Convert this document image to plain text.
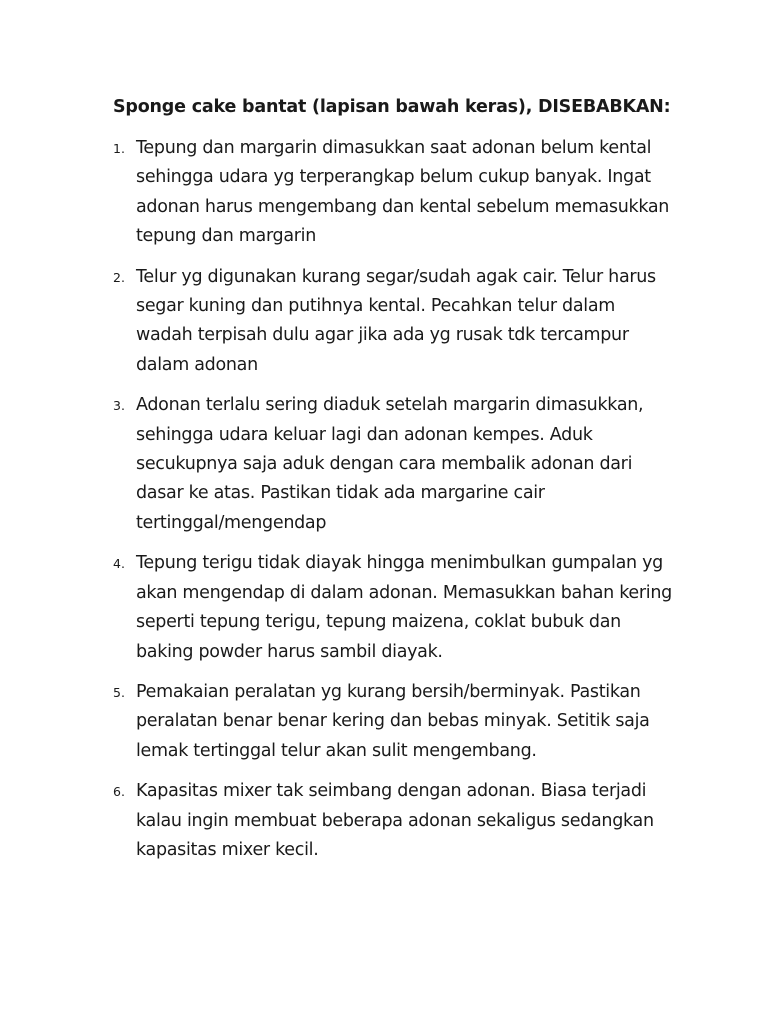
Sponge cake bantat (lapisan bawah keras), DISEBABKAN:
1. Tepung dan margarin dimasukkan saat adonan belum kental sehingga udara yg terperangkap belum cukup banyak. Ingat adonan harus mengembang dan kental sebelum memasukkan tepung dan margarin
2. Telur yg digunakan kurang segar/sudah agak cair. Telur harus segar kuning dan putihnya kental. Pecahkan telur dalam wadah terpisah dulu agar jika ada yg rusak tdk tercampur dalam adonan
3. Adonan terlalu sering diaduk setelah margarin dimasukkan, sehingga udara keluar lagi dan adonan kempes. Aduk secukupnya saja aduk dengan cara membalik adonan dari dasar ke atas. Pastikan tidak ada margarine cair tertinggal/mengendap
4. Tepung terigu tidak diayak hingga menimbulkan gumpalan yg akan mengendap di dalam adonan. Memasukkan bahan kering seperti tepung terigu, tepung maizena, coklat bubuk dan baking powder harus sambil diayak.
5. Pemakaian peralatan yg kurang bersih/berminyak. Pastikan peralatan benar benar kering dan bebas minyak. Setitik saja lemak tertinggal telur akan sulit mengembang.
6. Kapasitas mixer tak seimbang dengan adonan. Biasa terjadi kalau ingin membuat beberapa adonan sekaligus sedangkan kapasitas mixer kecil.
